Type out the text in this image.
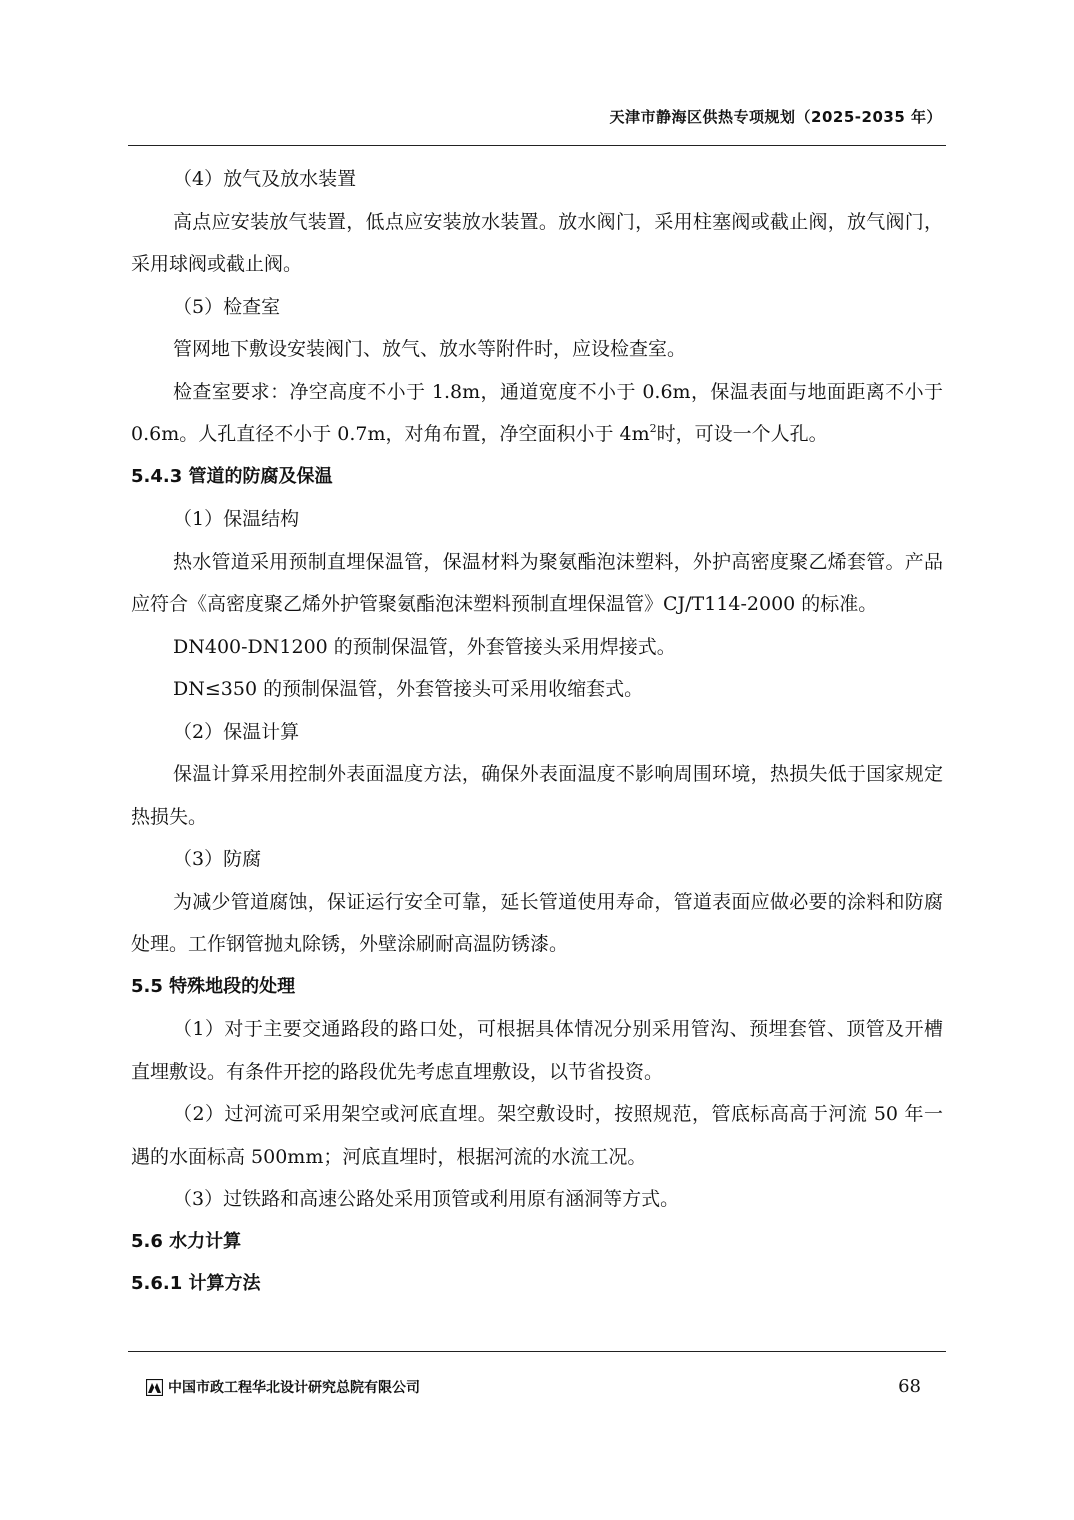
天津市静海区供热专项规划（2025-2035 年）

（4）放气及放水装置

高点应安装放气装置，低点应安装放水装置。放水阀门，采用柱塞阀或截止阀，放气阀门，采用球阀或截止阀。

（5）检查室

管网地下敷设安装阀门、放气、放水等附件时，应设检查室。

检查室要求：净空高度不小于 1.8m，通道宽度不小于 0.6m，保温表面与地面距离不小于 0.6m。人孔直径不小于 0.7m，对角布置，净空面积小于 $4m^2$时，可设一个人孔。

5.4.3 管道的防腐及保温

（1）保温结构

热水管道采用预制直埋保温管，保温材料为聚氨酯泡沫塑料，外护高密度聚乙烯套管。产品应符合《高密度聚乙烯外护管聚氨酯泡沫塑料预制直埋保温管》CJ/T114-2000 的标准。

DN400-DN1200 的预制保温管，外套管接头采用焊接式。

DN≤350 的预制保温管，外套管接头可采用收缩套式。

（2）保温计算

保温计算采用控制外表面温度方法，确保外表面温度不影响周围环境，热损失低于国家规定热损失。

（3）防腐

为减少管道腐蚀，保证运行安全可靠，延长管道使用寿命，管道表面应做必要的涂料和防腐处理。工作钢管抛丸除锈，外壁涂刷耐高温防锈漆。

5.5 特殊地段的处理

（1）对于主要交通路段的路口处，可根据具体情况分别采用管沟、预埋套管、顶管及开槽直埋敷设。有条件开挖的路段优先考虑直埋敷设，以节省投资。

（2）过河流可采用架空或河底直埋。架空敷设时，按照规范，管底标高高于河流 50 年一遇的水面标高 500mm；河底直埋时，根据河流的水流工况。

（3）过铁路和高速公路处采用顶管或利用原有涵洞等方式。

5.6 水力计算

5.6.1 计算方法

中国市政工程华北设计研究总院有限公司	68
